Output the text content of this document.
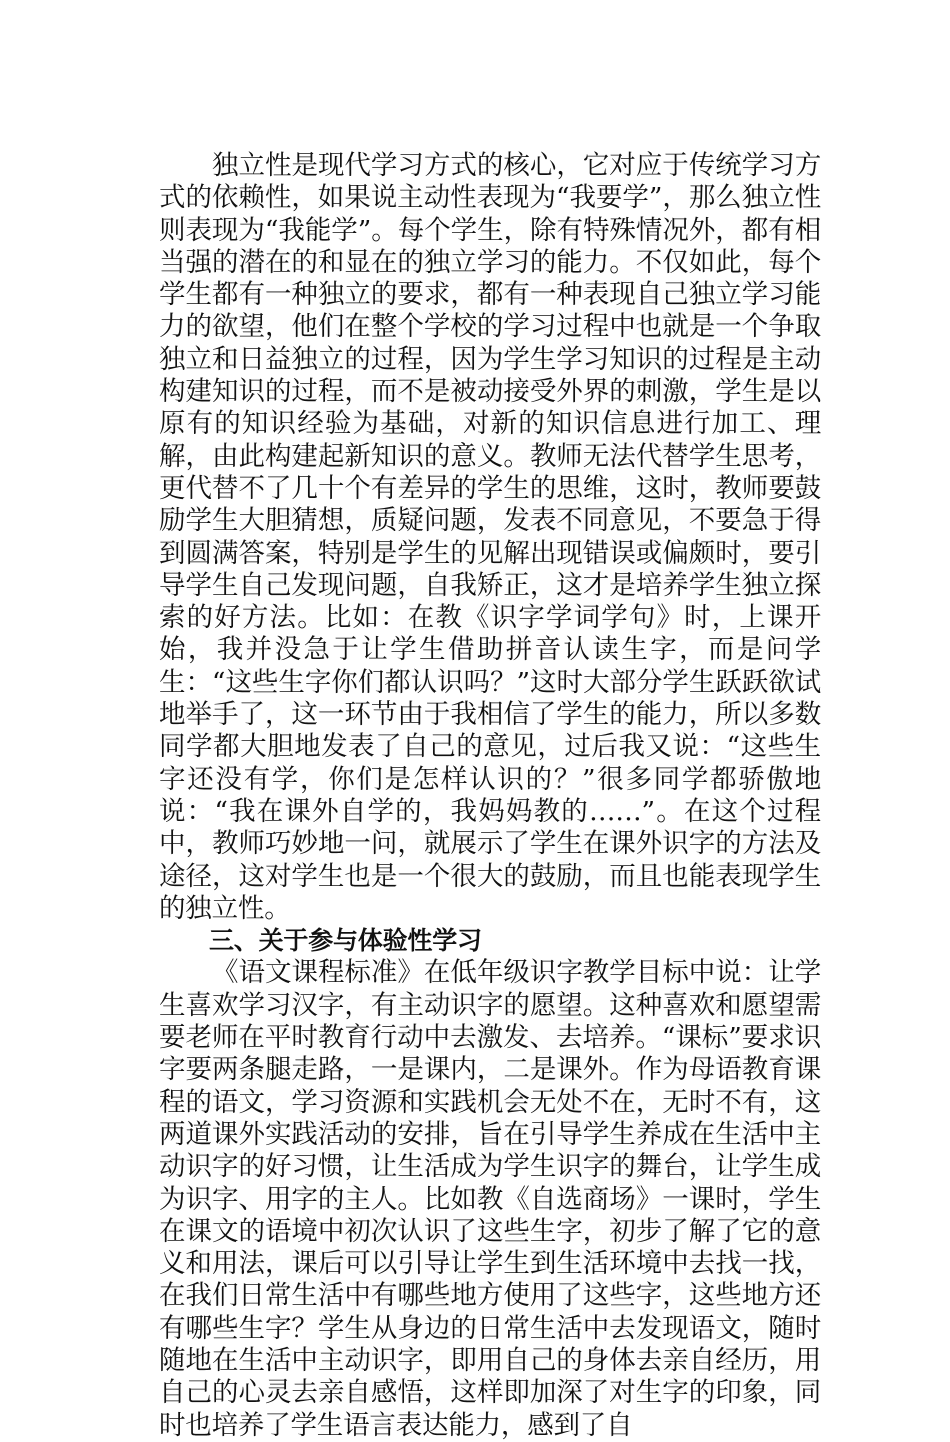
独立性是现代学习方式的核心，它对应于传统学习方式的依赖性，如果说主动性表现为“我要学”，那么独立性则表现为“我能学”。每个学生，除有特殊情况外，都有相当强的潜在的和显在的独立学习的能力。不仅如此，每个学生都有一种独立的要求，都有一种表现自己独立学习能力的欲望，他们在整个学校的学习过程中也就是一个争取独立和日益独立的过程，因为学生学习知识的过程是主动构建知识的过程，而不是被动接受外界的刺激，学生是以原有的知识经验为基础，对新的知识信息进行加工、理解，由此构建起新知识的意义。教师无法代替学生思考，更代替不了几十个有差异的学生的思维，这时，教师要鼓励学生大胆猜想，质疑问题，发表不同意见，不要急于得到圆满答案，特别是学生的见解出现错误或偏颇时，要引导学生自己发现问题，自我矫正，这才是培养学生独立探索的好方法。比如：在教《识字学词学句》时，上课开始，我并没急于让学生借助拼音认读生字，而是问学生：“这些生字你们都认识吗？”这时大部分学生跃跃欲试地举手了，这一环节由于我相信了学生的能力，所以多数同学都大胆地发表了自己的意见，过后我又说：“这些生字还没有学，你们是怎样认识的？”很多同学都骄傲地说：“我在课外自学的，我妈妈教的……”。在这个过程中，教师巧妙地一问，就展示了学生在课外识字的方法及途径，这对学生也是一个很大的鼓励，而且也能表现学生的独立性。

三、关于参与体验性学习

《语文课程标准》在低年级识字教学目标中说：让学生喜欢学习汉字，有主动识字的愿望。这种喜欢和愿望需要老师在平时教育行动中去激发、去培养。“课标”要求识字要两条腿走路，一是课内，二是课外。作为母语教育课程的语文，学习资源和实践机会无处不在，无时不有，这两道课外实践活动的安排，旨在引导学生养成在生活中主动识字的好习惯，让生活成为学生识字的舞台，让学生成为识字、用字的主人。比如教《自选商场》一课时，学生在课文的语境中初次认识了这些生字，初步了解了它的意义和用法，课后可以引导让学生到生活环境中去找一找，在我们日常生活中有哪些地方使用了这些字，这些地方还有哪些生字？学生从身边的日常生活中去发现语文，随时随地在生活中主动识字，即用自己的身体去亲自经历，用自己的心灵去亲自感悟，这样即加深了对生字的印象，同时也培养了学生语言表达能力，感到了自
